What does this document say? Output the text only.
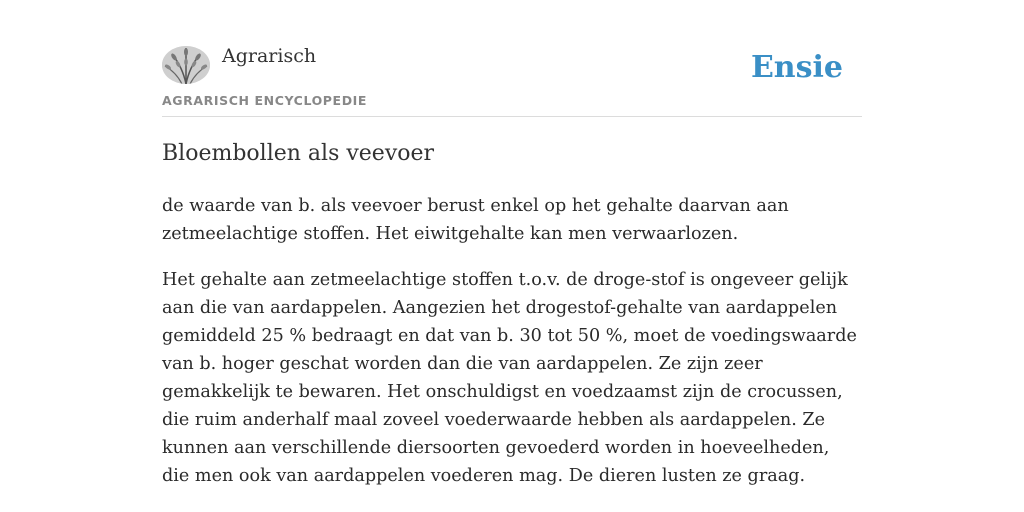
Agrarisch
AGRARISCH ENCYCLOPEDIE
Ensie
Bloembollen als veevoer

de waarde van b. als veevoer berust enkel op het gehalte daarvan aan zetmeelachtige stoffen. Het eiwitgehalte kan men verwaarlozen.

Het gehalte aan zetmeelachtige stoffen t.o.v. de droge-stof is ongeveer gelijk aan die van aardappelen. Aangezien het drogestof-gehalte van aardappelen gemiddeld 25 % bedraagt en dat van b. 30 tot 50 %, moet de voedingswaarde van b. hoger geschat worden dan die van aardappelen. Ze zijn zeer gemakkelijk te bewaren. Het onschuldigst en voedzaamst zijn de crocussen, die ruim anderhalf maal zoveel voederwaarde hebben als aardappelen. Ze kunnen aan verschillende diersoorten gevoederd worden in hoeveelheden, die men ook van aardappelen voederen mag. De dieren lusten ze graag.
